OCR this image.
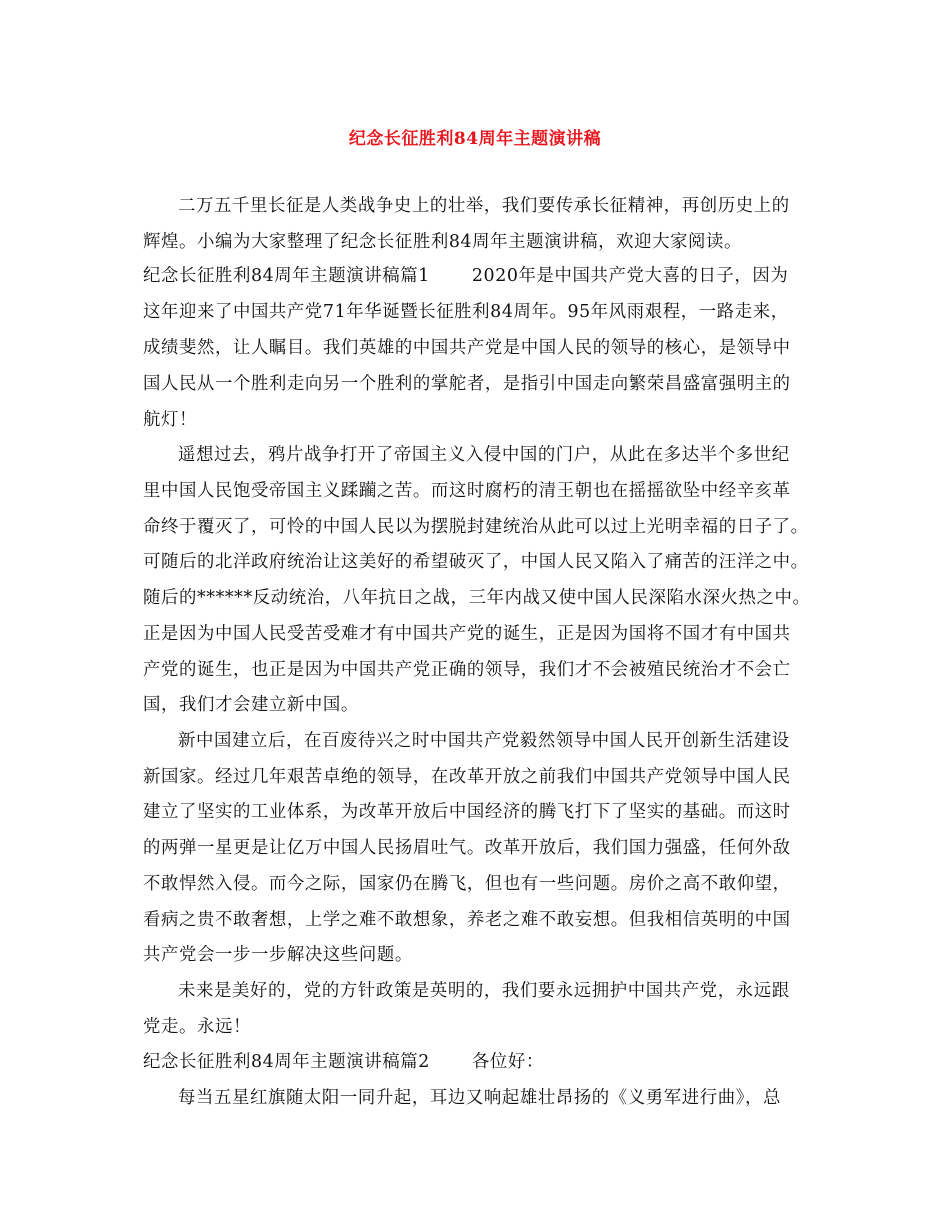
纪念长征胜利84周年主题演讲稿
二万五千里长征是人类战争史上的壮举，我们要传承长征精神，再创历史上的
辉煌。小编为大家整理了纪念长征胜利84周年主题演讲稿，欢迎大家阅读。
纪念长征胜利84周年主题演讲稿篇1 2020年是中国共产党大喜的日子，因为
这年迎来了中国共产党71年华诞暨长征胜利84周年。95年风雨艰程，一路走来，
成绩斐然，让人瞩目。我们英雄的中国共产党是中国人民的领导的核心，是领导中
国人民从一个胜利走向另一个胜利的掌舵者，是指引中国走向繁荣昌盛富强明主的
航灯！
遥想过去，鸦片战争打开了帝国主义入侵中国的门户，从此在多达半个多世纪
里中国人民饱受帝国主义蹂躏之苦。而这时腐朽的清王朝也在摇摇欲坠中经辛亥革
命终于覆灭了，可怜的中国人民以为摆脱封建统治从此可以过上光明幸福的日子了。
可随后的北洋政府统治让这美好的希望破灭了，中国人民又陷入了痛苦的汪洋之中。
随后的******反动统治，八年抗日之战，三年内战又使中国人民深陷水深火热之中。
正是因为中国人民受苦受难才有中国共产党的诞生，正是因为国将不国才有中国共
产党的诞生，也正是因为中国共产党正确的领导，我们才不会被殖民统治才不会亡
国，我们才会建立新中国。
新中国建立后，在百废待兴之时中国共产党毅然领导中国人民开创新生活建设
新国家。经过几年艰苦卓绝的领导，在改革开放之前我们中国共产党领导中国人民
建立了坚实的工业体系，为改革开放后中国经济的腾飞打下了坚实的基础。而这时
的两弹一星更是让亿万中国人民扬眉吐气。改革开放后，我们国力强盛，任何外敌
不敢悍然入侵。而今之际，国家仍在腾飞，但也有一些问题。房价之高不敢仰望，
看病之贵不敢奢想，上学之难不敢想象，养老之难不敢妄想。但我相信英明的中国
共产党会一步一步解决这些问题。
未来是美好的，党的方针政策是英明的，我们要永远拥护中国共产党，永远跟
党走。永远！
纪念长征胜利84周年主题演讲稿篇2 各位好：
每当五星红旗随太阳一同升起，耳边又响起雄壮昂扬的《义勇军进行曲》，总
